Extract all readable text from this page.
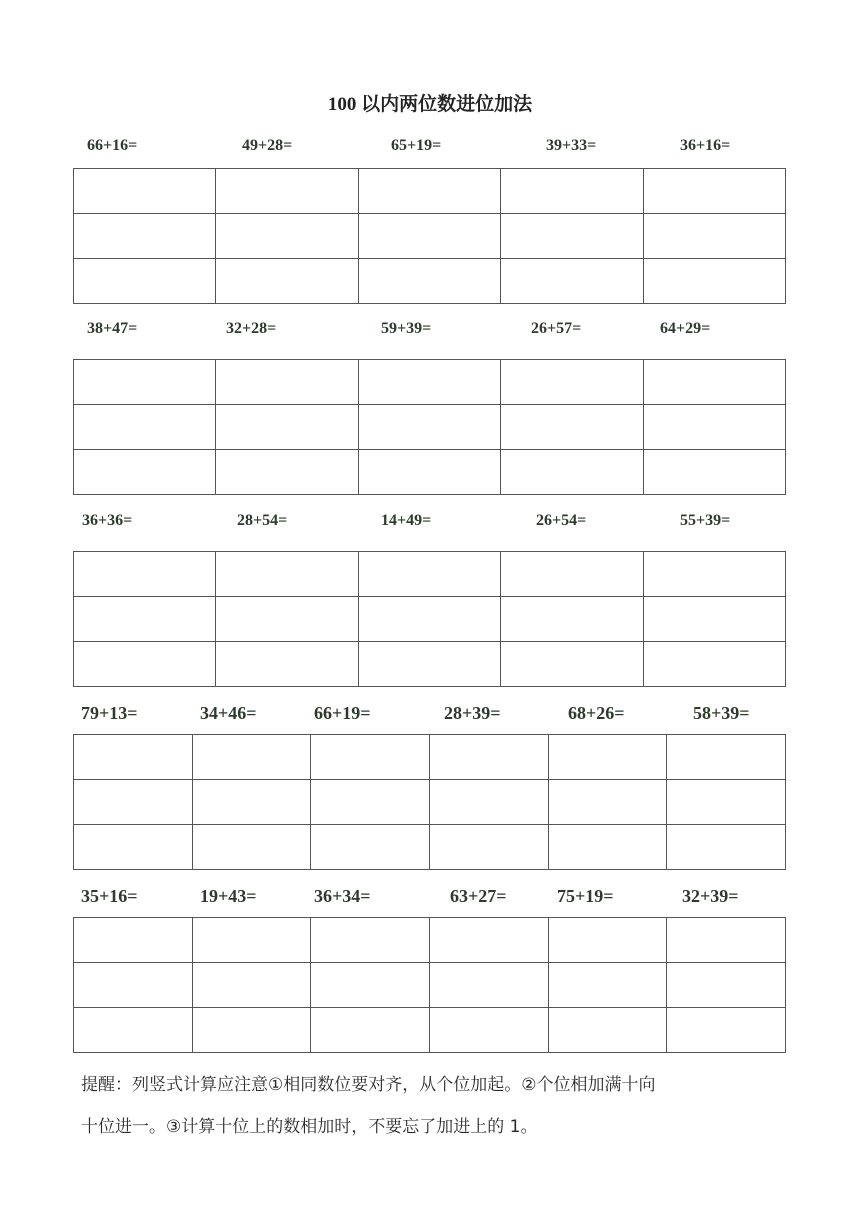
100 以内两位数进位加法
66+16=	49+28=	65+19=	39+33=	36+16=

38+47=	32+28=	59+39=	26+57=	64+29=

36+36=	28+54=	14+49=	26+54=	55+39=

79+13=	34+46=	66+19=	28+39=	68+26=	58+39=

35+16=	19+43=	36+34=	63+27=	75+19=	32+39=

提醒：列竖式计算应注意①相同数位要对齐，从个位加起。②个位相加满十向
十位进一。③计算十位上的数相加时，不要忘了加进上的 1。
